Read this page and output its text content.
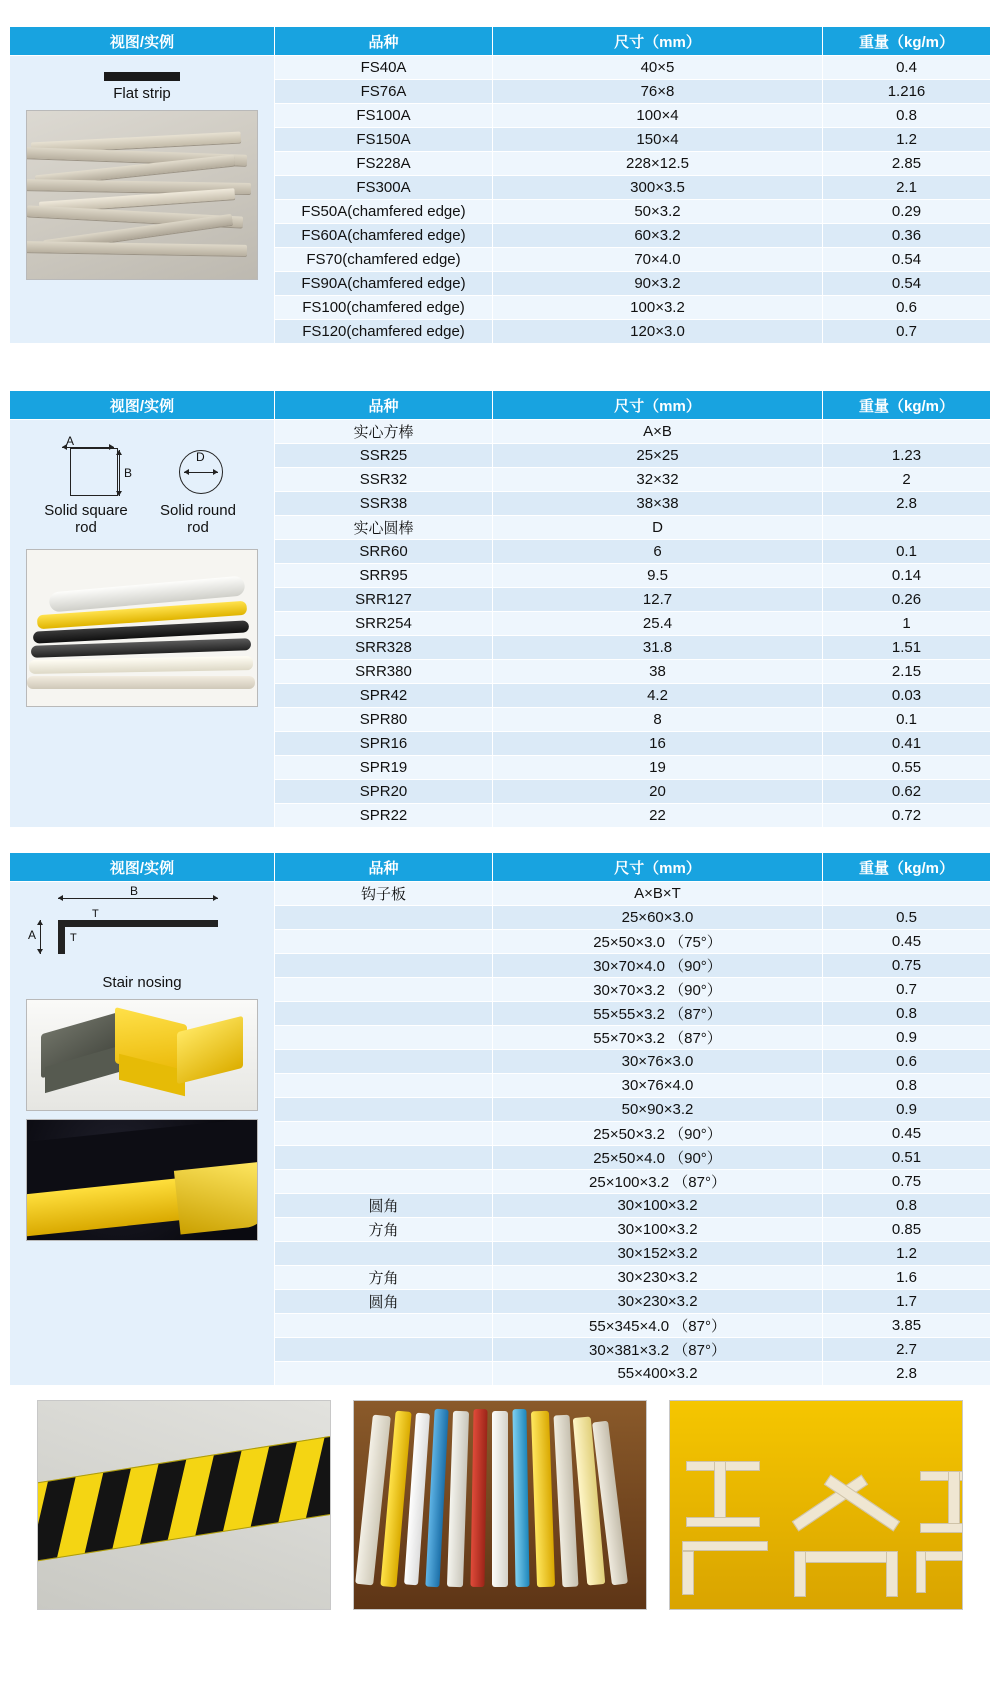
视图/实例	品种	尺寸（mm）	重量（kg/m）

Flat strip	FS40A	40×5	0.4
	FS76A	76×8	1.216
	FS100A	100×4	0.8
	FS150A	150×4	1.2
	FS228A	228×12.5	2.85
	FS300A	300×3.5	2.1
	FS50A(chamfered edge)	50×3.2	0.29
	FS60A(chamfered edge)	60×3.2	0.36
	FS70(chamfered edge)	70×4.0	0.54
	FS90A(chamfered edge)	90×3.2	0.54
	FS100(chamfered edge)	100×3.2	0.6
	FS120(chamfered edge)	120×3.0	0.7
视图/实例	品种	尺寸（mm）	重量（kg/m）

A
B
D
Solid square rod
Solid round rod	实心方棒	A×B	
	SSR25	25×25	1.23
	SSR32	32×32	2
	SSR38	38×38	2.8
	实心圆棒	D	
	SRR60	6	0.1
	SRR95	9.5	0.14
	SRR127	12.7	0.26
	SRR254	25.4	1
	SRR328	31.8	1.51
	SRR380	38	2.15
	SPR42	4.2	0.03
	SPR80	8	0.1
	SPR16	16	0.41
	SPR19	19	0.55
	SPR20	20	0.62
	SPR22	22	0.72
视图/实例	品种	尺寸（mm）	重量（kg/m）

B
A
T
T
Stair nosing	钩子板	A×B×T	
		25×60×3.0	0.5
		25×50×3.0 （75°）	0.45
		30×70×4.0 （90°）	0.75
		30×70×3.2 （90°）	0.7
		55×55×3.2 （87°）	0.8
		55×70×3.2 （87°）	0.9
		30×76×3.0	0.6
		30×76×4.0	0.8
		50×90×3.2	0.9
		25×50×3.2 （90°）	0.45
		25×50×4.0 （90°）	0.51
		25×100×3.2 （87°）	0.75
	圆角	30×100×3.2	0.8
	方角	30×100×3.2	0.85
		30×152×3.2	1.2
	方角	30×230×3.2	1.6
	圆角	30×230×3.2	1.7
		55×345×4.0 （87°）	3.85
		30×381×3.2 （87°）	2.7
		55×400×3.2	2.8
